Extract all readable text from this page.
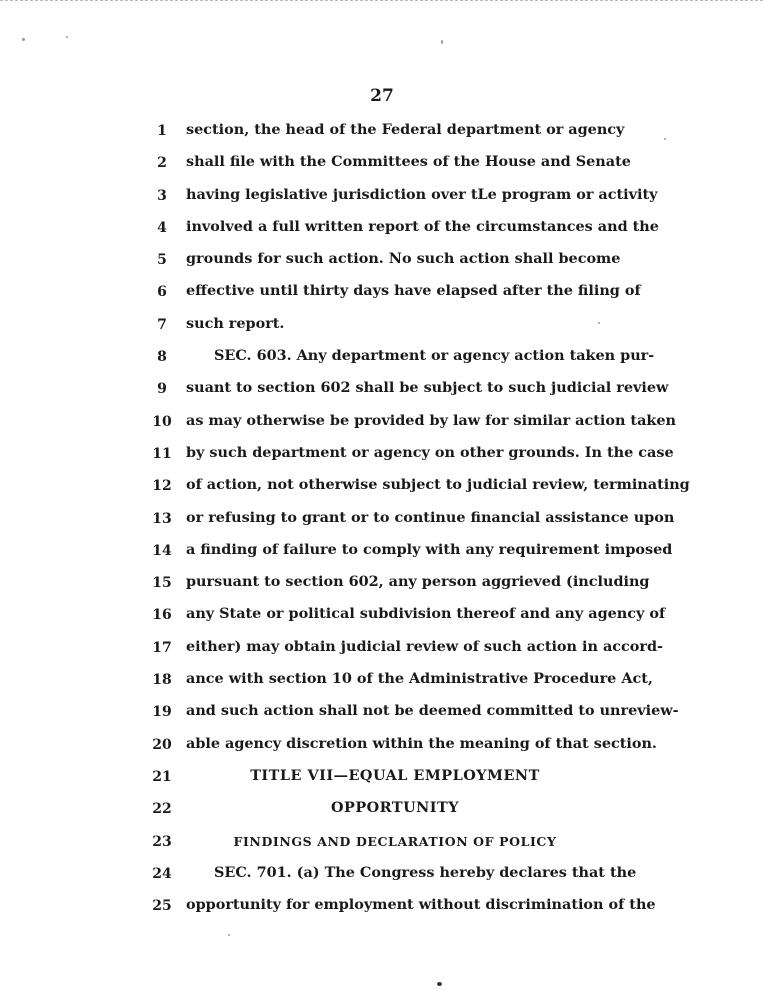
27
1	section, the head of the Federal department or agency
2	shall file with the Committees of the House and Senate
3	having legislative jurisdiction over tLe program or activity
4	involved a full written report of the circumstances and the
5	grounds for such action. No such action shall become
6	effective until thirty days have elapsed after the filing of
7	such report.
8	SEC. 603. Any department or agency action taken pur-
9	suant to section 602 shall be subject to such judicial review
10 as may otherwise be provided by law for similar action taken
11 by such department or agency on other grounds. In the case
12 of action, not otherwise subject to judicial review, terminating
13 or refusing to grant or to continue financial assistance upon
14 a finding of failure to comply with any requirement imposed
15 pursuant to section 602, any person aggrieved (including
16 any State or political subdivision thereof and any agency of
17 either) may obtain judicial review of such action in accord-
18 ance with section 10 of the Administrative Procedure Act,
19 and such action shall not be deemed committed to unreview-
20 able agency discretion within the meaning of that section.
21	TITLE VII—EQUAL EMPLOYMENT
22	OPPORTUNITY
23	FINDINGS AND DECLARATION OF POLICY
24	SEC. 701. (a) The Congress hereby declares that the
25 opportunity for employment without discrimination of the
